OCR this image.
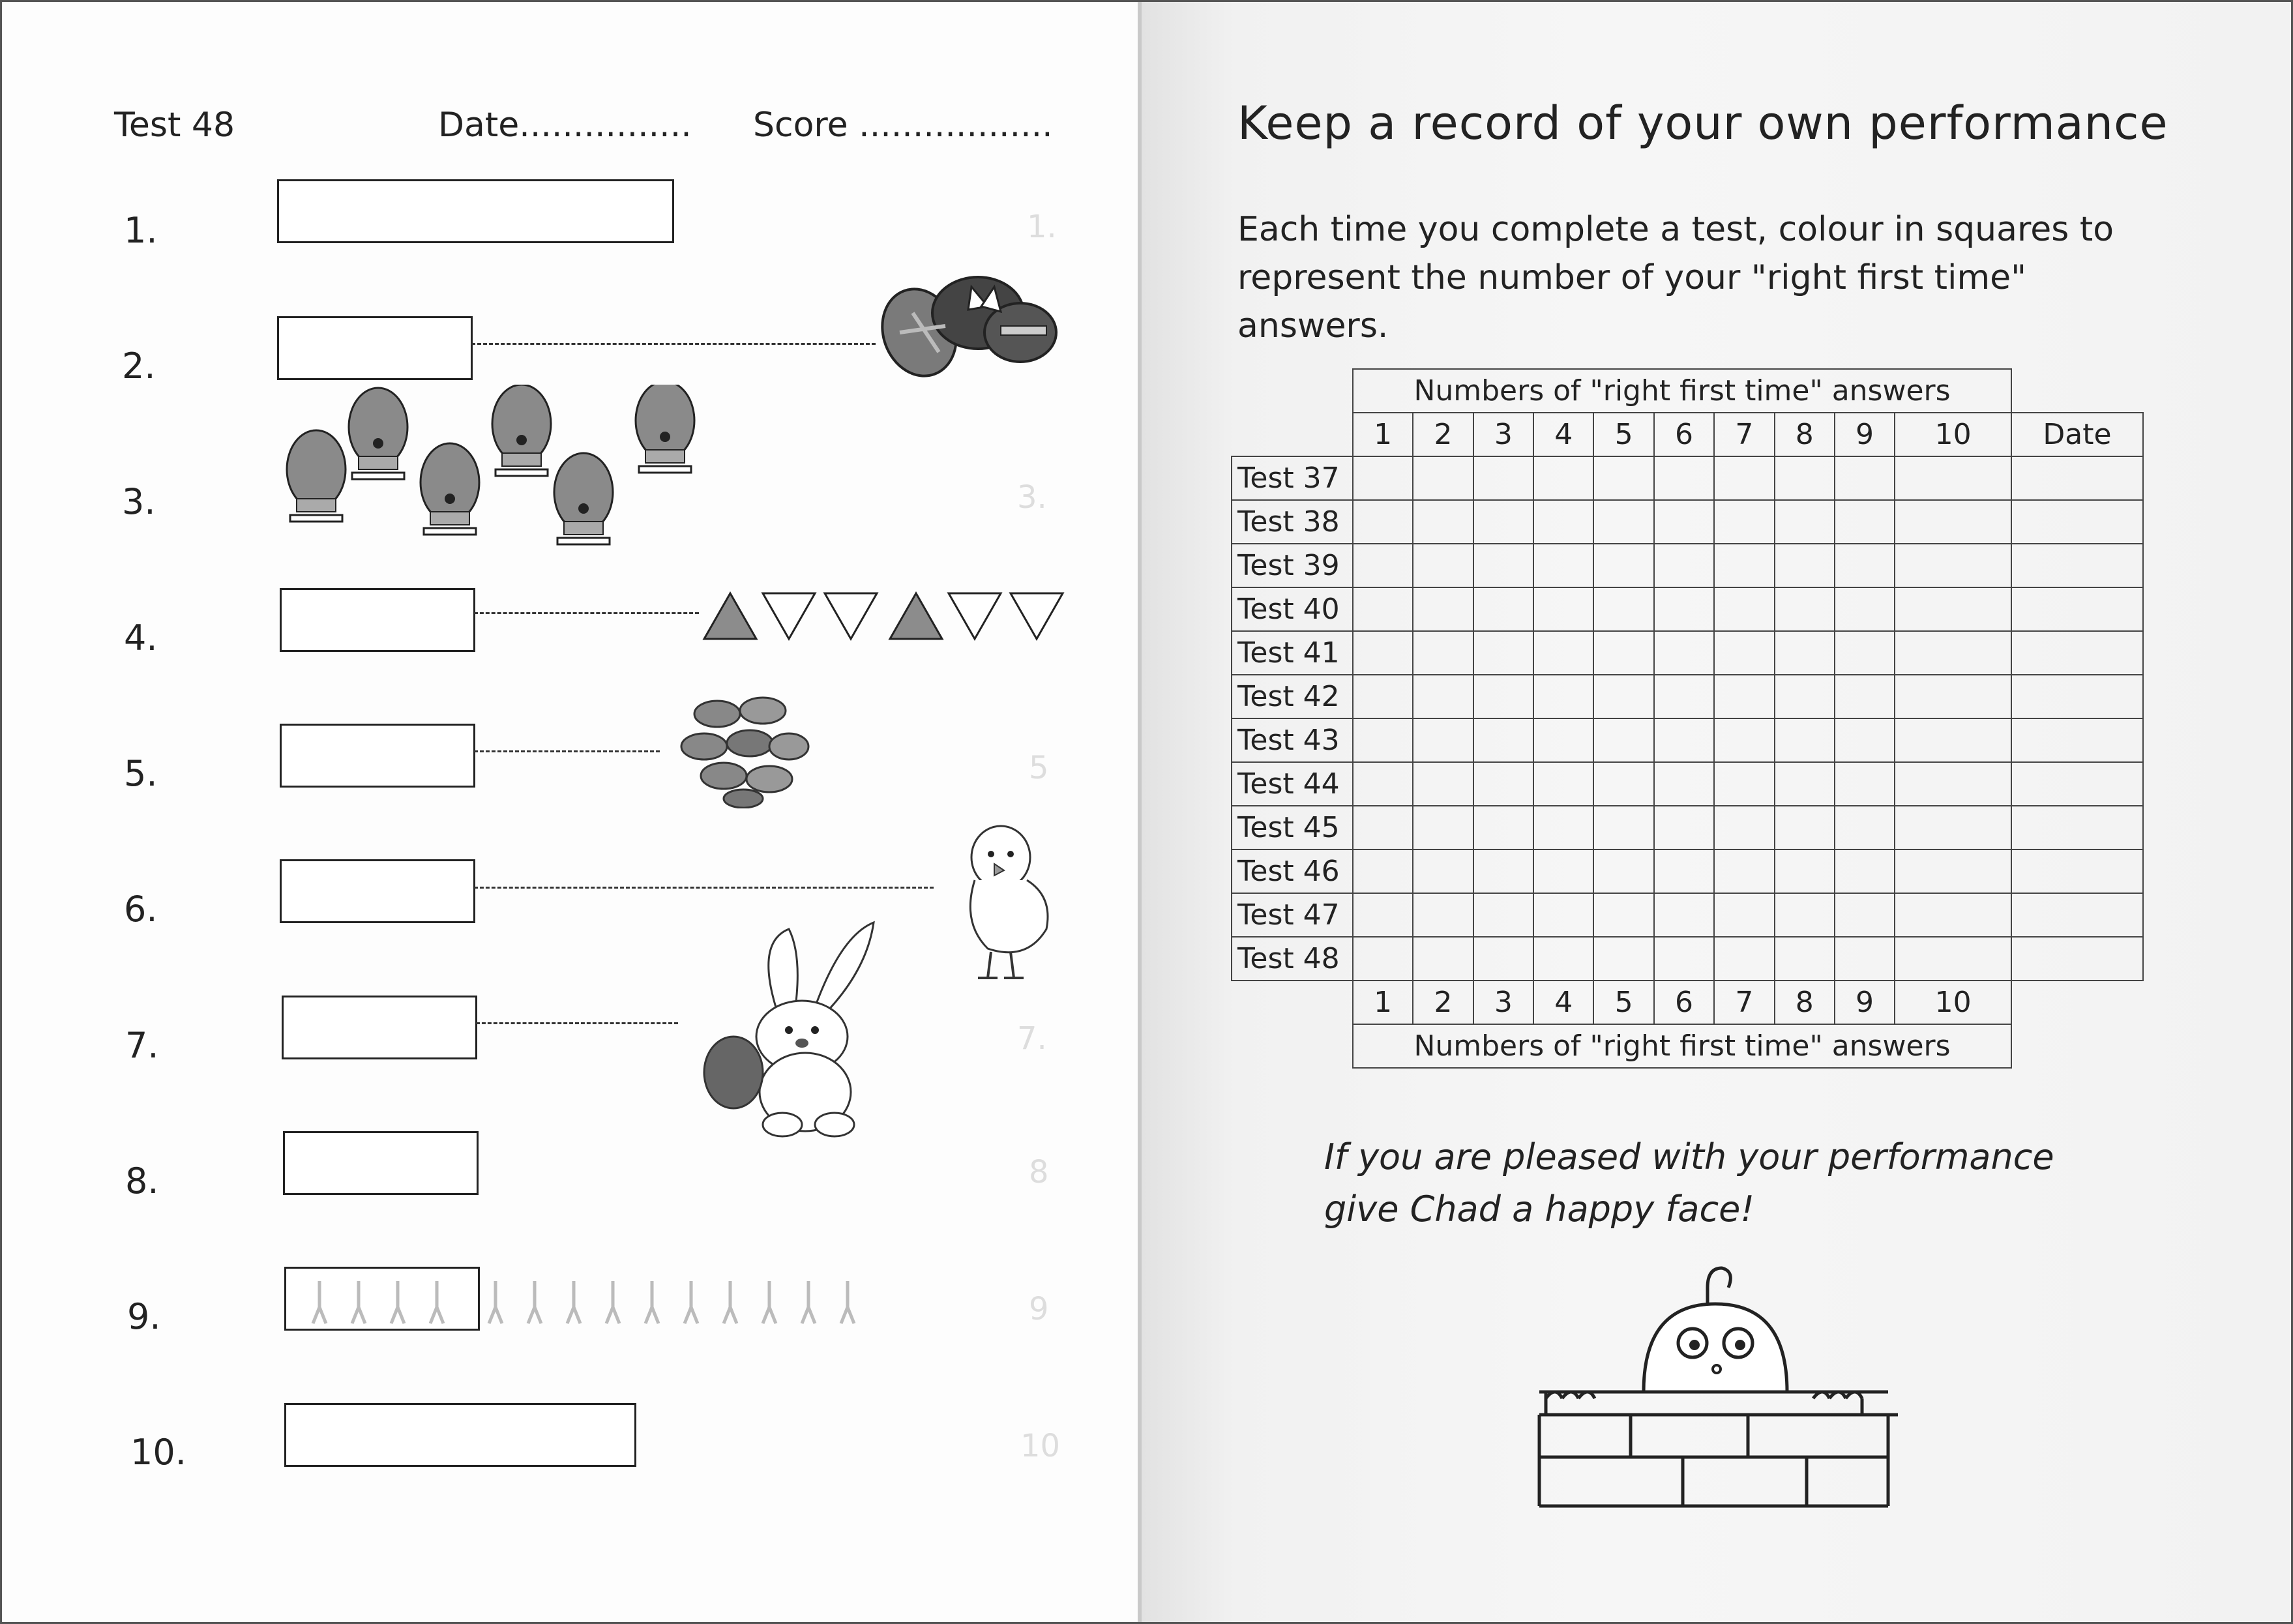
Test 48	Date................ Score ..................
1.
3.
5
7.
8
9
10
1.
2.
3.
4.
5.
6.
7.
8.
9.
10.
Keep a record of your own performance
Each time you complete a test, colour in squares to represent the number of your "right first time" answers.
	Numbers of "right first time" answers										
	1	2	3	4	5	6	7	8	9	10	Date
Test 37											
Test 38											
Test 39											
Test 40											
Test 41											
Test 42											
Test 43											
Test 44											
Test 45											
Test 46											
Test 47											
Test 48											
	1	2	3	4	5	6	7	8	9	10	
	Numbers of "right first time" answers										
If you are pleased with your performance
give Chad a happy face!
